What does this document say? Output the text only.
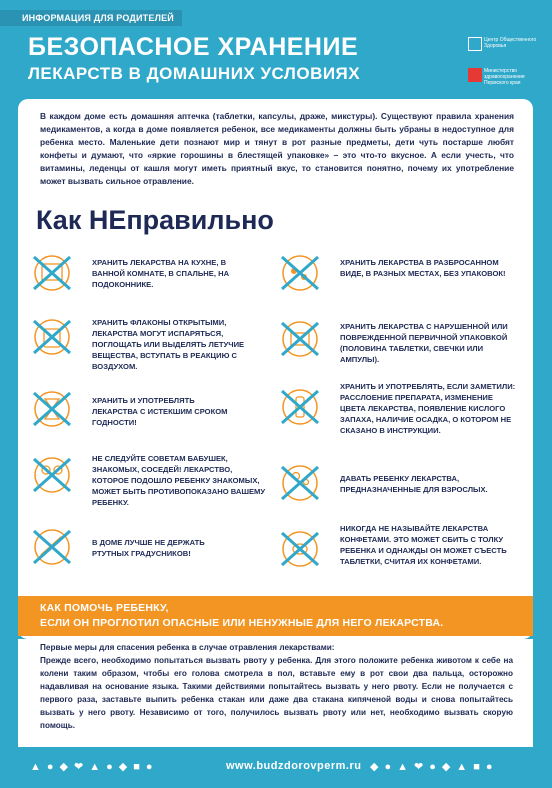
ИНФОРМАЦИЯ ДЛЯ РОДИТЕЛЕЙ
БЕЗОПАСНОЕ ХРАНЕНИЕ
ЛЕКАРСТВ В ДОМАШНИХ УСЛОВИЯХ
Центр Общественного Здоровья
Министерство здравоохранения Пермского края
В каждом доме есть домашняя аптечка (таблетки, капсулы, драже, микстуры). Существуют правила хранения медикаментов, а когда в доме появляется ребенок, все медикаменты должны быть убраны в недоступное для ребенка место. Маленькие дети познают мир и тянут в рот разные предметы, дети чуть постарше любят конфеты и думают, что «яркие горошины в блестящей упаковке» – это что-то вкусное. А если учесть, что витамины, леденцы от кашля могут иметь приятный вкус, то становится понятно, почему их употребление может вызвать сильное отравление.
Как НЕправильно
ХРАНИТЬ ЛЕКАРСТВА НА КУХНЕ, В ВАННОЙ КОМНАТЕ, В СПАЛЬНЕ, НА ПОДОКОННИКЕ.
ХРАНИТЬ ФЛАКОНЫ ОТКРЫТЫМИ, ЛЕКАРСТВА МОГУТ ИСПАРЯТЬСЯ, ПОГЛОЩАТЬ ИЛИ ВЫДЕЛЯТЬ ЛЕТУЧИЕ ВЕЩЕСТВА, ВСТУПАТЬ В РЕАКЦИЮ С ВОЗДУХОМ.
ХРАНИТЬ И УПОТРЕБЛЯТЬ ЛЕКАРСТВА С ИСТЕКШИМ СРОКОМ ГОДНОСТИ!
НЕ СЛЕДУЙТЕ СОВЕТАМ БАБУШЕК, ЗНАКОМЫХ, СОСЕДЕЙ! ЛЕКАРСТВО, КОТОРОЕ ПОДОШЛО РЕБЕНКУ ЗНАКОМЫХ, МОЖЕТ БЫТЬ ПРОТИВОПОКАЗАНО ВАШЕМУ РЕБЕНКУ.
В ДОМЕ ЛУЧШЕ НЕ ДЕРЖАТЬ РТУТНЫХ ГРАДУСНИКОВ!
ХРАНИТЬ ЛЕКАРСТВА В РАЗБРОСАННОМ ВИДЕ, В РАЗНЫХ МЕСТАХ, БЕЗ УПАКОВОК!
ХРАНИТЬ ЛЕКАРСТВА С НАРУШЕННОЙ ИЛИ ПОВРЕЖДЕННОЙ ПЕРВИЧНОЙ УПАКОВКОЙ (ПОЛОВИНА ТАБЛЕТКИ, СВЕЧКИ ИЛИ АМПУЛЫ).
ХРАНИТЬ И УПОТРЕБЛЯТЬ, ЕСЛИ ЗАМЕТИЛИ: РАССЛОЕНИЕ ПРЕПАРАТА, ИЗМЕНЕНИЕ ЦВЕТА ЛЕКАРСТВА, ПОЯВЛЕНИЕ КИСЛОГО ЗАПАХА, НАЛИЧИЕ ОСАДКА, О КОТОРОМ НЕ СКАЗАНО В ИНСТРУКЦИИ.
ДАВАТЬ РЕБЕНКУ ЛЕКАРСТВА, ПРЕДНАЗНАЧЕННЫЕ ДЛЯ ВЗРОСЛЫХ.
НИКОГДА НЕ НАЗЫВАЙТЕ ЛЕКАРСТВА КОНФЕТАМИ. ЭТО МОЖЕТ СБИТЬ С ТОЛКУ РЕБЕНКА И ОДНАЖДЫ ОН МОЖЕТ СЪЕСТЬ ТАБЛЕТКИ, СЧИТАЯ ИХ КОНФЕТАМИ.
КАК ПОМОЧЬ РЕБЕНКУ,
ЕСЛИ ОН ПРОГЛОТИЛ ОПАСНЫЕ ИЛИ НЕНУЖНЫЕ ДЛЯ НЕГО ЛЕКАРСТВА.

Первые меры для спасения ребенка в случае отравления лекарствами:

Прежде всего, необходимо попытаться вызвать рвоту у ребенка. Для этого положите ребенка животом к себе на колени таким образом, чтобы его голова смотрела в пол, вставьте ему в рот свои два пальца, осторожно надавливая на основание языка. Такими действиями попытайтесь вызвать у него рвоту. Если не получается с первого раза, заставьте выпить ребенка стакан или даже два стакана кипяченой воды и снова попытайтесь вызвать у него рвоту. Независимо от того, получилось вызвать рвоту или нет, необходимо вызвать скорую помощь.

▲●◆❤▲●◆■●	www.budzdorovperm.ru ◆●▲❤●◆▲■●
